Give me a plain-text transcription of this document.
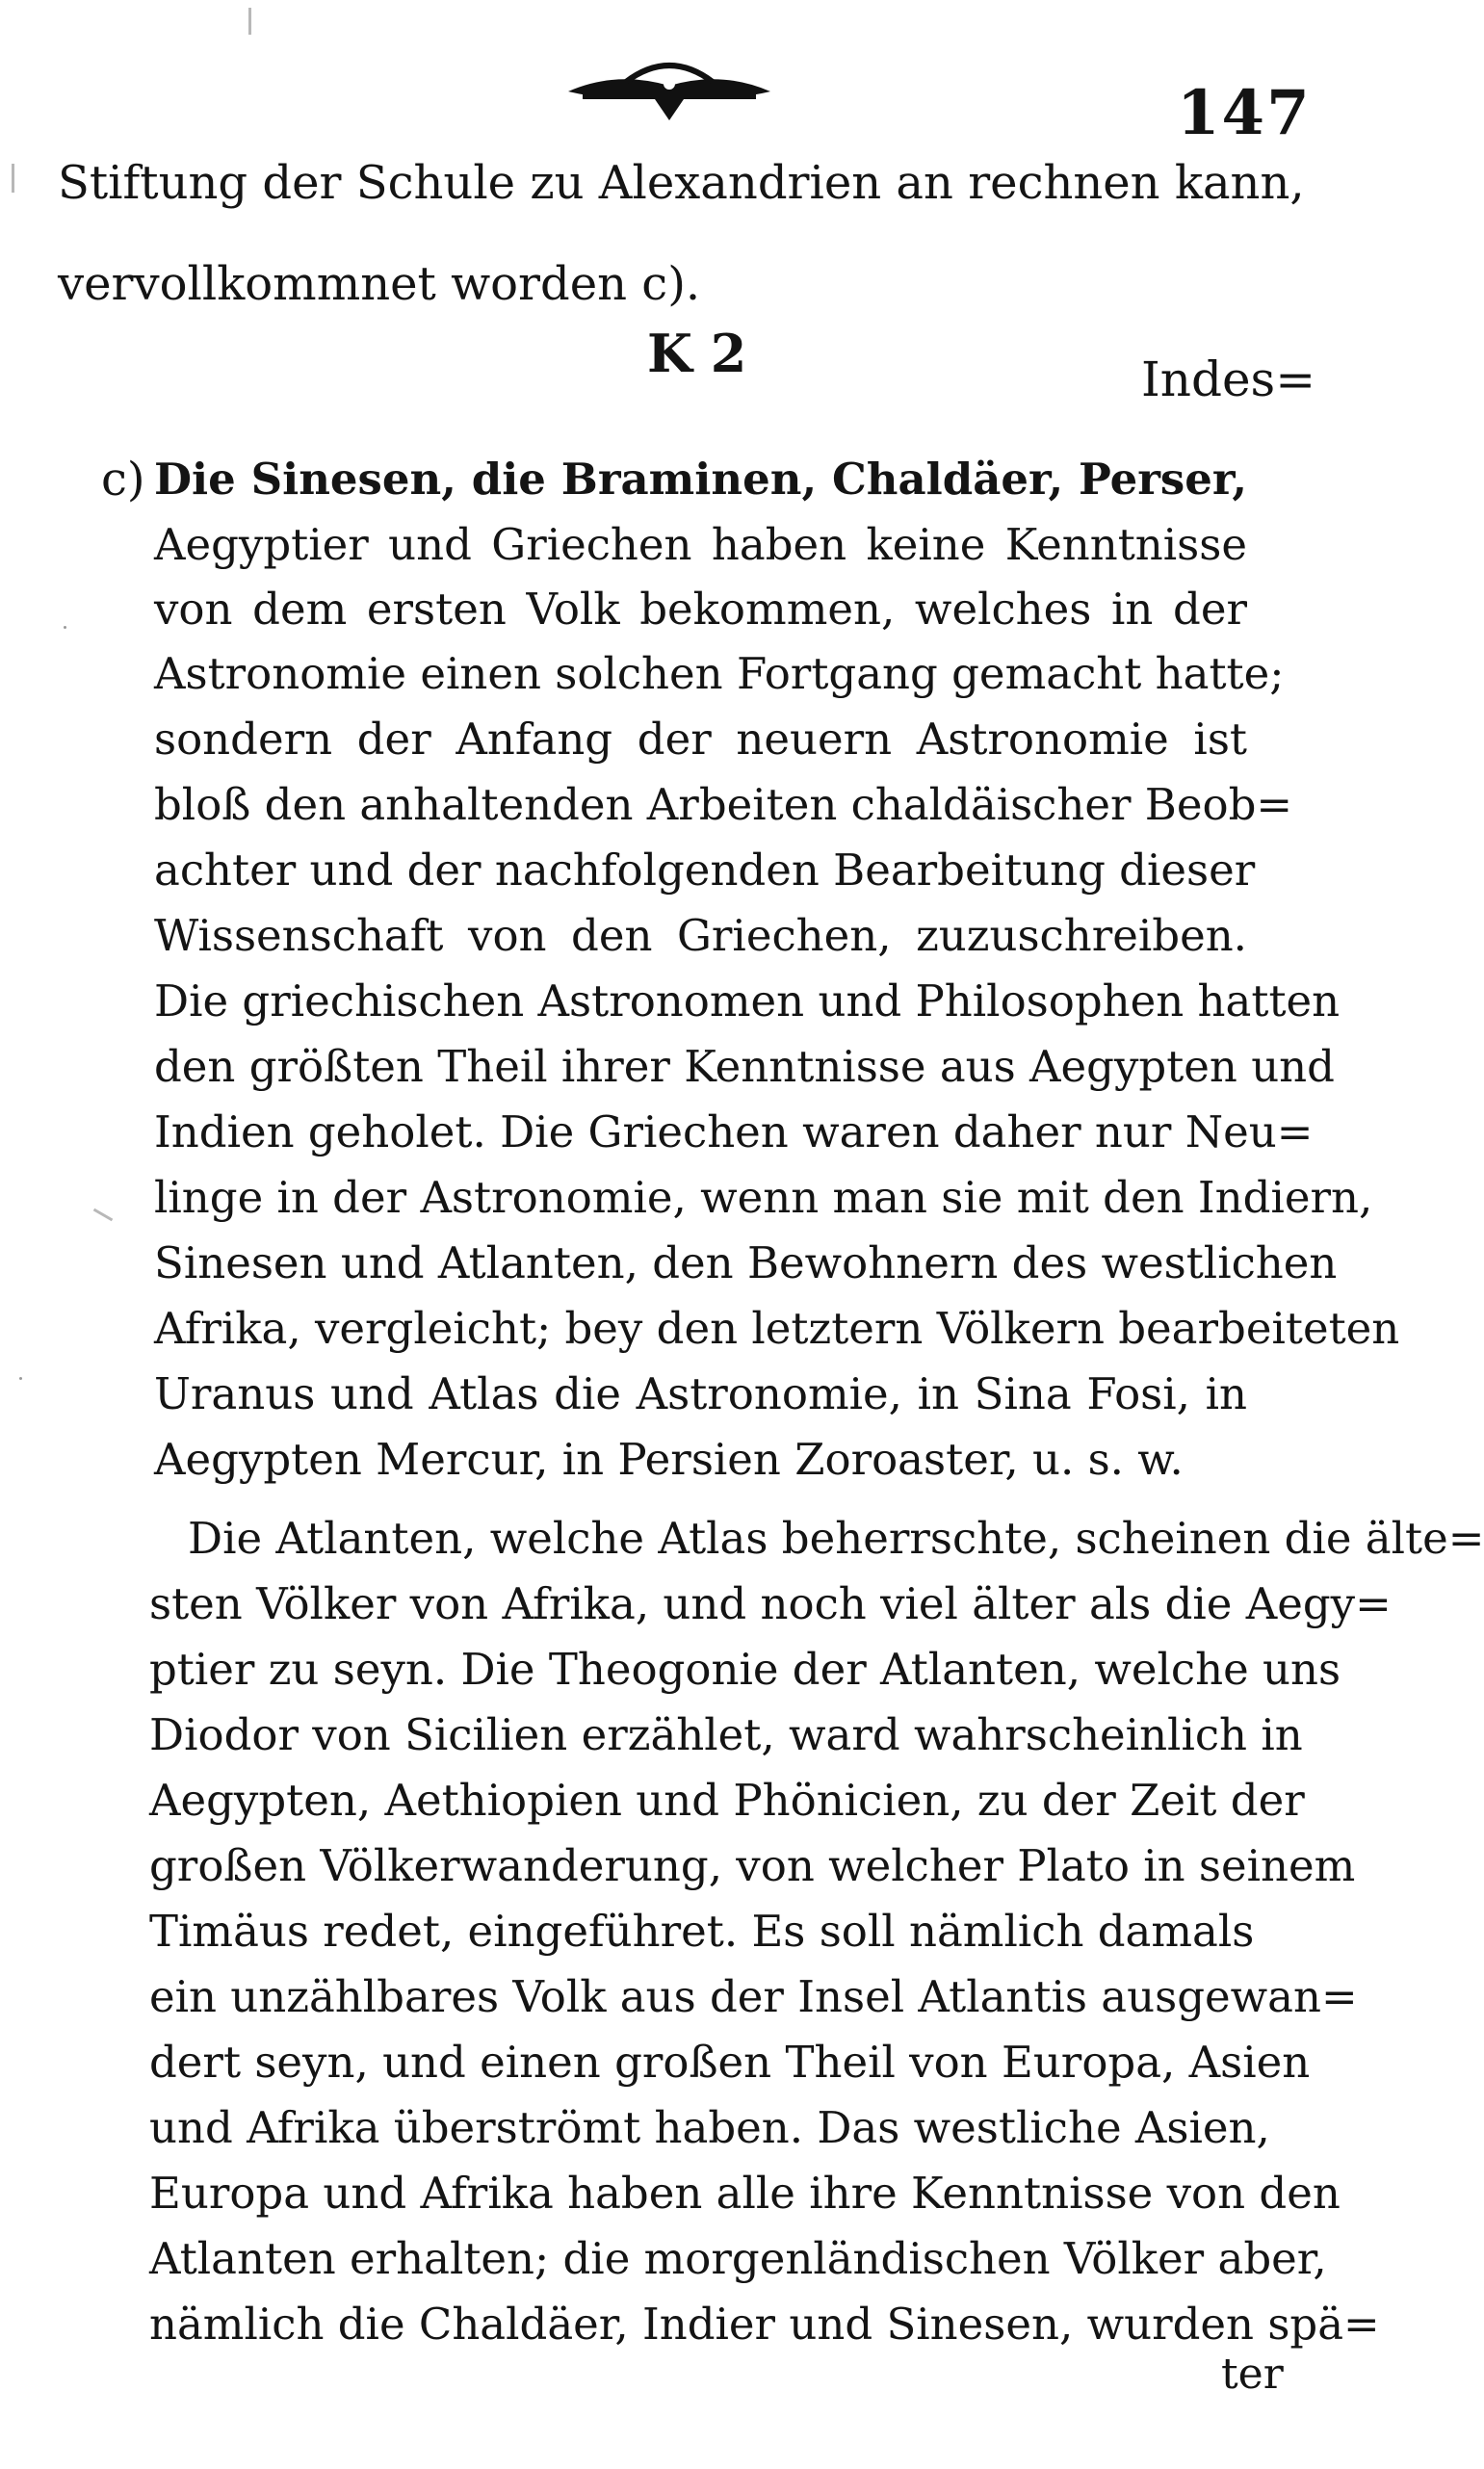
147
Stiftung der Schule zu Alexandrien an rechnen kann,
vervollkommnet worden c).
K 2	Indes=
c) Die Sinesen, die Braminen, Chaldäer, Perser,
Aegyptier und Griechen haben keine Kenntnisse
von dem ersten Volk bekommen, welches in der
Astronomie einen solchen Fortgang gemacht hatte;
sondern der Anfang der neuern Astronomie ist
bloß den anhaltenden Arbeiten chaldäischer Beob=
achter und der nachfolgenden Bearbeitung dieser
Wissenschaft von den Griechen, zuzuschreiben.
Die griechischen Astronomen und Philosophen hatten
den größten Theil ihrer Kenntnisse aus Aegypten und
Indien geholet. Die Griechen waren daher nur Neu=
linge in der Astronomie, wenn man sie mit den Indiern,
Sinesen und Atlanten, den Bewohnern des westlichen
Afrika, vergleicht; bey den letztern Völkern bearbeiteten
Uranus und Atlas die Astronomie, in Sina Fosi, in
Aegypten Mercur, in Persien Zoroaster, u. s. w.
Die Atlanten, welche Atlas beherrschte, scheinen die älte=
sten Völker von Afrika, und noch viel älter als die Aegy=
ptier zu seyn. Die Theogonie der Atlanten, welche uns
Diodor von Sicilien erzählet, ward wahrscheinlich in
Aegypten, Aethiopien und Phönicien, zu der Zeit der
großen Völkerwanderung, von welcher Plato in seinem
Timäus redet, eingeführet. Es soll nämlich damals
ein unzählbares Volk aus der Insel Atlantis ausgewan=
dert seyn, und einen großen Theil von Europa, Asien
und Afrika überströmt haben. Das westliche Asien,
Europa und Afrika haben alle ihre Kenntnisse von den
Atlanten erhalten; die morgenländischen Völker aber,
nämlich die Chaldäer, Indier und Sinesen, wurden spä=
ter
